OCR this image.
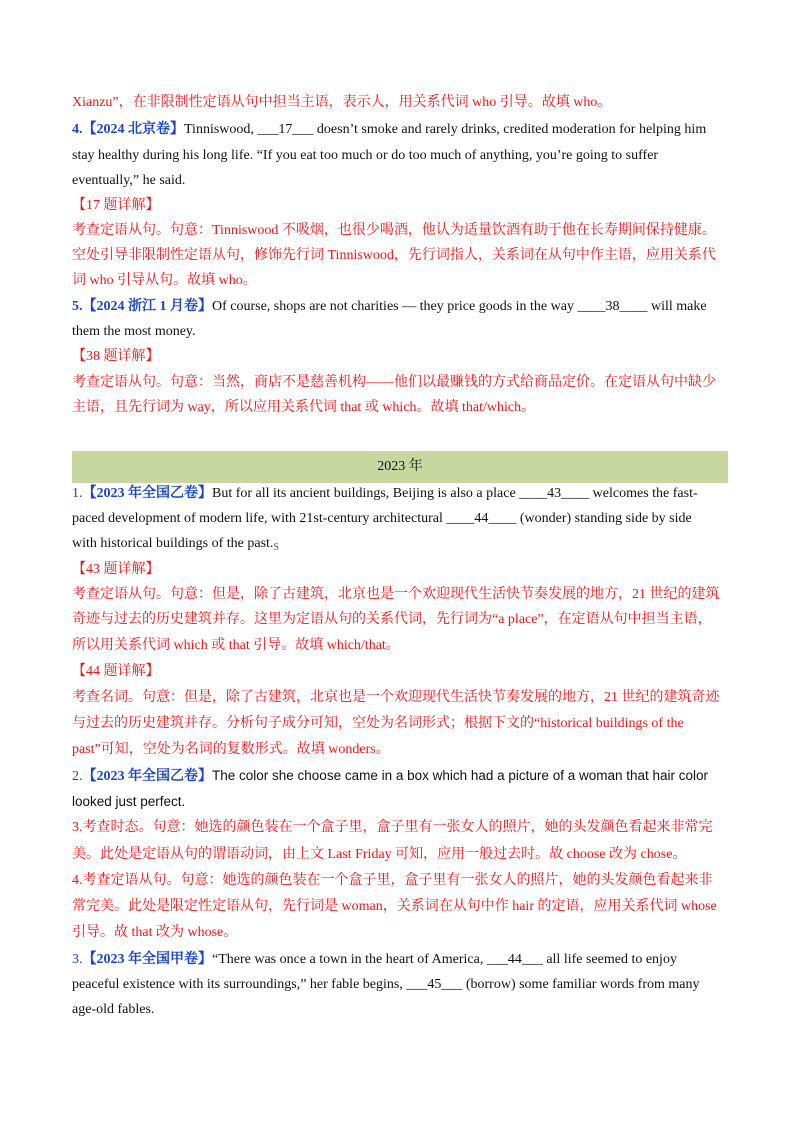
Xianzu”，在非限制性定语从句中担当主语，表示人，用关系代词 who 引导。故填 who。
4.【2024 北京卷】Tinniswood, ___17___ doesn’t smoke and rarely drinks, credited moderation for helping him
stay healthy during his long life. “If you eat too much or do too much of anything, you’re going to suffer
eventually,” he said.
【17 题详解】
考查定语从句。句意：Tinniswood 不吸烟，也很少喝酒，他认为适量饮酒有助于他在长寿期间保持健康。
空处引导非限制性定语从句，修饰先行词 Tinniswood，先行词指人，关系词在从句中作主语，应用关系代
词 who 引导从句。故填 who。
5.【2024 浙江 1 月卷】Of course, shops are not charities — they price goods in the way ____38____ will make
them the most money.
【38 题详解】
考查定语从句。句意：当然，商店不是慈善机构——他们以最赚钱的方式给商品定价。在定语从句中缺少
主语，且先行词为 way，所以应用关系代词 that 或 which。故填 that/which。
2023 年
1.【2023 年全国乙卷】But for all its ancient buildings, Beijing is also a place ____43____ welcomes the fast-
paced development of modern life, with 21st-century architectural ____44____ (wonder) standing side by side
with historical buildings of the $past._S$
【43 题详解】
考查定语从句。句意：但是，除了古建筑，北京也是一个欢迎现代生活快节奏发展的地方，21 世纪的建筑
奇迹与过去的历史建筑并存。这里为定语从句的关系代词，先行词为“a place”，在定语从句中担当主语，
所以用关系代词 which 或 that 引导。故填 which/that。
【44 题详解】
考查名词。句意：但是，除了古建筑，北京也是一个欢迎现代生活快节奏发展的地方，21 世纪的建筑奇迹
与过去的历史建筑并存。分析句子成分可知，空处为名词形式；根据下文的“historical buildings of the
past”可知，空处为名词的复数形式。故填 wonders。
2.【2023 年全国乙卷】The color she choose came in a box which had a picture of a woman that hair color
looked just perfect.
3.考查时态。句意：她选的颜色装在一个盒子里，盒子里有一张女人的照片，她的头发颜色看起来非常完
美。此处是定语从句的谓语动词，由上文 Last Friday 可知，应用一般过去时。故 choose 改为 chose。
4.考查定语从句。句意：她选的颜色装在一个盒子里，盒子里有一张女人的照片，她的头发颜色看起来非
常完美。此处是限定性定语从句，先行词是 woman，关系词在从句中作 hair 的定语，应用关系代词 whose
引导。故 that 改为 whose。
3.【2023 年全国甲卷】“There was once a town in the heart of America, ___44___ all life seemed to enjoy
peaceful existence with its surroundings,” her fable begins, ___45___ (borrow) some familiar words from many
age-old fables.
